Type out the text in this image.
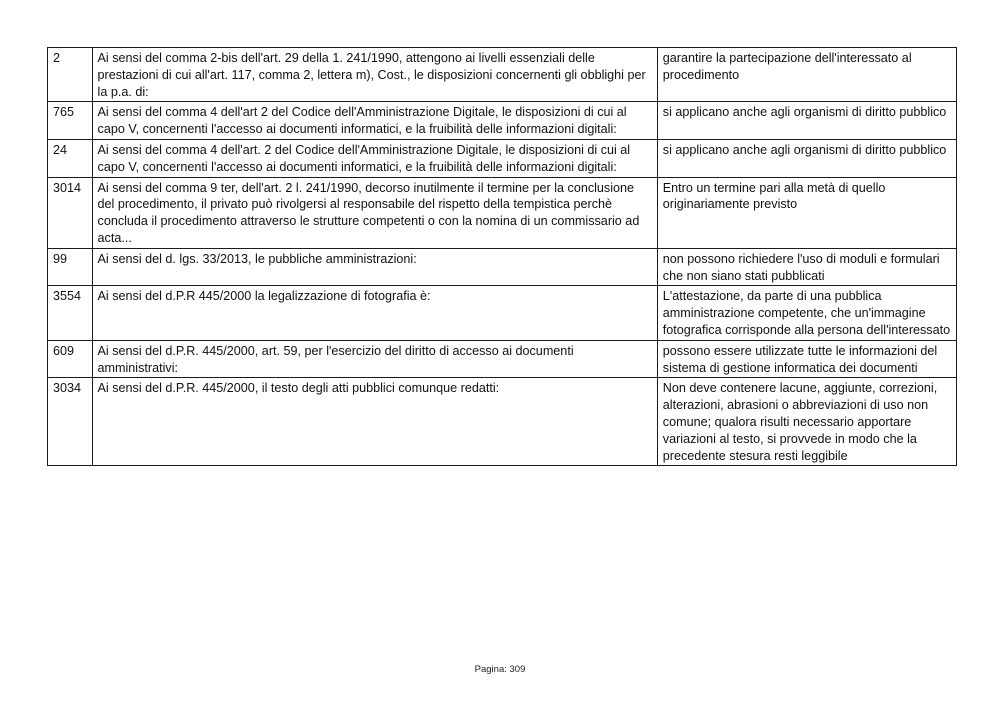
2	Ai sensi del comma 2-bis dell'art. 29 della 1. 241/1990, attengono ai livelli essenziali delle prestazioni di cui all'art. 117, comma 2, lettera m), Cost., le disposizioni concernenti gli obblighi per la p.a. di:	garantire la partecipazione dell'interessato al procedimento
765	Ai sensi del comma 4 dell'art 2 del Codice dell'Amministrazione Digitale, le disposizioni di cui al capo V, concernenti l'accesso ai documenti informatici, e la fruibilità delle informazioni digitali:	si applicano anche agli organismi di diritto pubblico
24	Ai sensi del comma 4 dell'art. 2 del Codice dell'Amministrazione Digitale, le disposizioni di cui al capo V, concernenti l'accesso ai documenti informatici, e la fruibilità delle informazioni digitali:	si applicano anche agli organismi di diritto pubblico
3014	Ai sensi del comma 9 ter, dell'art. 2 l. 241/1990, decorso inutilmente il termine per la conclusione del procedimento, il privato può rivolgersi al responsabile del rispetto della tempistica perchè concluda il procedimento attraverso le strutture competenti o con la nomina di un commissario ad acta...	Entro un termine pari alla metà di quello originariamente previsto
99	Ai sensi del d. lgs. 33/2013, le pubbliche amministrazioni:	non possono richiedere l'uso di moduli e formulari che non siano stati pubblicati
3554	Ai sensi del d.P.R 445/2000 la legalizzazione di fotografia è:	L'attestazione, da parte di una pubblica amministrazione competente, che un'immagine fotografica corrisponde alla persona dell'interessato
609	Ai sensi del d.P.R. 445/2000, art. 59, per l'esercizio del diritto di accesso ai documenti amministrativi:	possono essere utilizzate tutte le informazioni del sistema di gestione informatica dei documenti
3034	Ai sensi del d.P.R. 445/2000, il testo degli atti pubblici comunque redatti:	Non deve contenere lacune, aggiunte, correzioni, alterazioni, abrasioni o abbreviazioni di uso non comune; qualora risulti necessario apportare variazioni al testo, si provvede in modo che la precedente stesura resti leggibile
Pagina: 309
